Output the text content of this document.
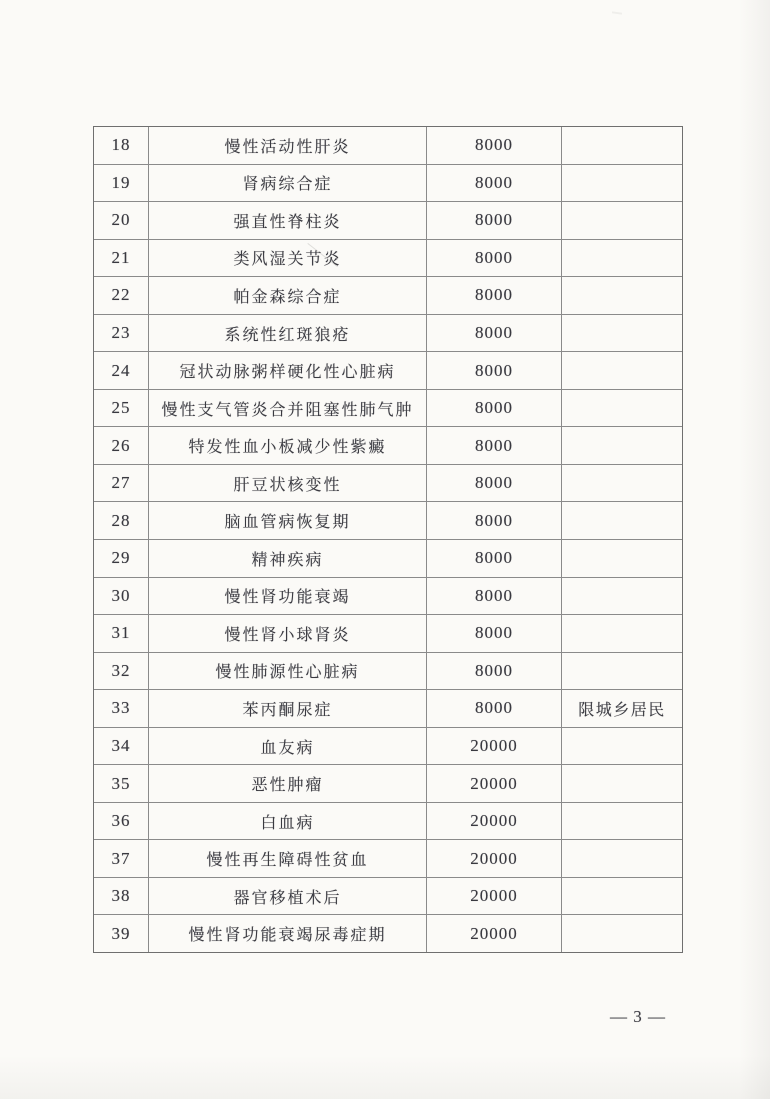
18	慢性活动性肝炎	8000
19	肾病综合症	8000
20	强直性脊柱炎	8000
21	类风湿关节炎	8000
22	帕金森综合症	8000
23	系统性红斑狼疮	8000
24	冠状动脉粥样硬化性心脏病	8000
25	慢性支气管炎合并阻塞性肺气肿	8000
26	特发性血小板减少性紫癜	8000
27	肝豆状核变性	8000
28	脑血管病恢复期	8000
29	精神疾病	8000
30	慢性肾功能衰竭	8000
31	慢性肾小球肾炎	8000
32	慢性肺源性心脏病	8000
33	苯丙酮尿症	8000	限城乡居民
34	血友病	20000
35	恶性肿瘤	20000
36	白血病	20000
37	慢性再生障碍性贫血	20000
38	器官移植术后	20000
39	慢性肾功能衰竭尿毒症期	20000
— 3 —
